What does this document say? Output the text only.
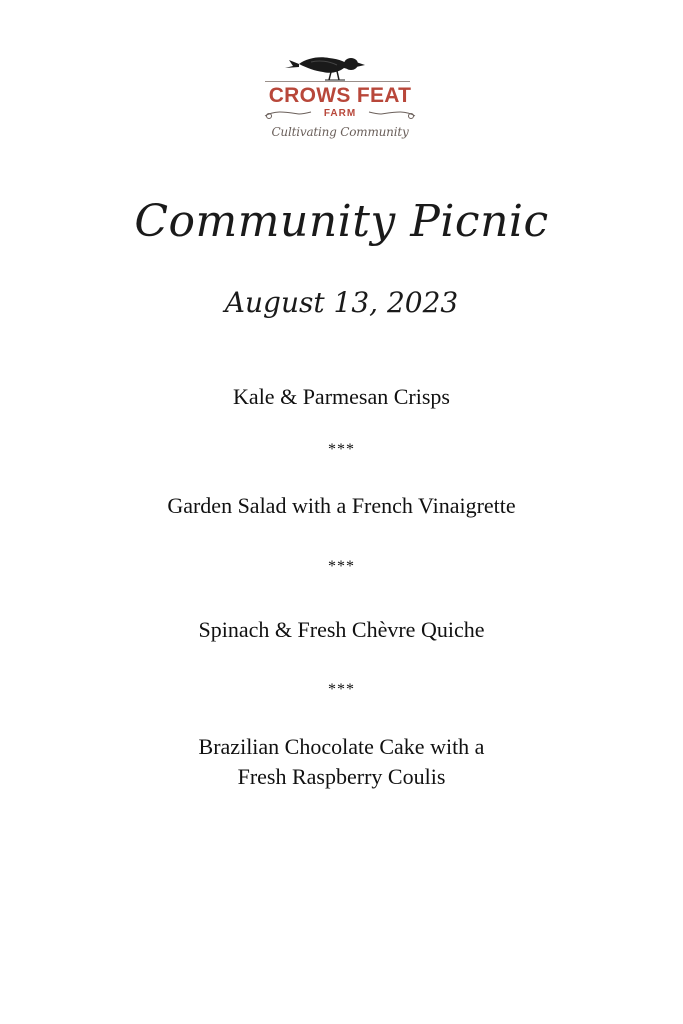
CROWS FEAT
FARM
Cultivating Community
Community Picnic
August 13, 2023
Kale & Parmesan Crisps
***
Garden Salad with a French Vinaigrette
***
Spinach & Fresh Chèvre Quiche
***
Brazilian Chocolate Cake with a
Fresh Raspberry Coulis
